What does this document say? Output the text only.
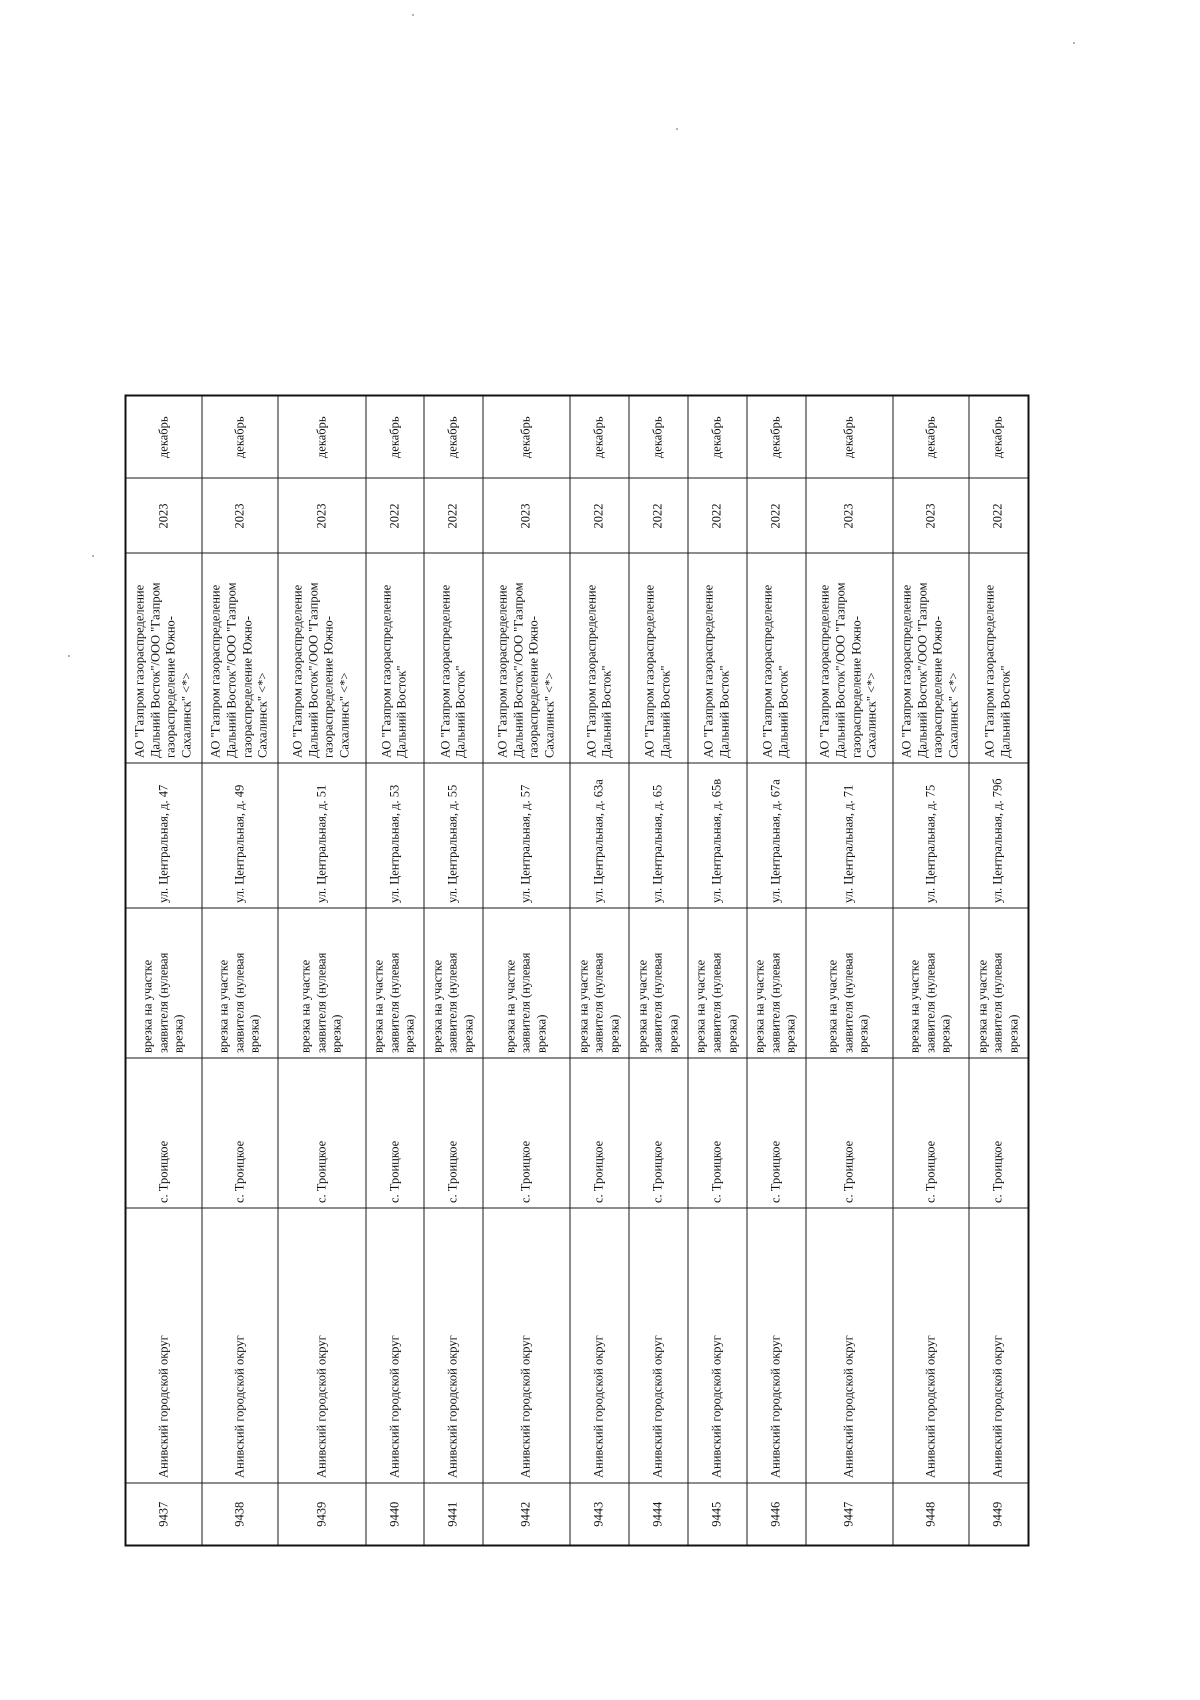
9437	Анивский городской округ	с. Троицкое	врезка на участке заявителя (нулевая врезка)	ул. Центральная, д. 47	АО "Газпром газораспределение Дальний Восток"/ООО "Газпром газораспределение Южно-Сахалинск" <*>	2023	декабрь
9438	Анивский городской округ	с. Троицкое	врезка на участке заявителя (нулевая врезка)	ул. Центральная, д. 49	АО "Газпром газораспределение Дальний Восток"/ООО "Газпром газораспределение Южно-Сахалинск" <*>	2023	декабрь
9439	Анивский городской округ	с. Троицкое	врезка на участке заявителя (нулевая врезка)	ул. Центральная, д. 51	АО "Газпром газораспределение Дальний Восток"/ООО "Газпром газораспределение Южно-Сахалинск" <*>	2023	декабрь
9440	Анивский городской округ	с. Троицкое	врезка на участке заявителя (нулевая врезка)	ул. Центральная, д. 53	АО "Газпром газораспределение Дальний Восток"	2022	декабрь
9441	Анивский городской округ	с. Троицкое	врезка на участке заявителя (нулевая врезка)	ул. Центральная, д. 55	АО "Газпром газораспределение Дальний Восток"	2022	декабрь
9442	Анивский городской округ	с. Троицкое	врезка на участке заявителя (нулевая врезка)	ул. Центральная, д. 57	АО "Газпром газораспределение Дальний Восток"/ООО "Газпром газораспределение Южно-Сахалинск" <*>	2023	декабрь
9443	Анивский городской округ	с. Троицкое	врезка на участке заявителя (нулевая врезка)	ул. Центральная, д. 63а	АО "Газпром газораспределение Дальний Восток"	2022	декабрь
9444	Анивский городской округ	с. Троицкое	врезка на участке заявителя (нулевая врезка)	ул. Центральная, д. 65	АО "Газпром газораспределение Дальний Восток"	2022	декабрь
9445	Анивский городской округ	с. Троицкое	врезка на участке заявителя (нулевая врезка)	ул. Центральная, д. 65в	АО "Газпром газораспределение Дальний Восток"	2022	декабрь
9446	Анивский городской округ	с. Троицкое	врезка на участке заявителя (нулевая врезка)	ул. Центральная, д. 67а	АО "Газпром газораспределение Дальний Восток"	2022	декабрь
9447	Анивский городской округ	с. Троицкое	врезка на участке заявителя (нулевая врезка)	ул. Центральная, д. 71	АО "Газпром газораспределение Дальний Восток"/ООО "Газпром газораспределение Южно-Сахалинск" <*>	2023	декабрь
9448	Анивский городской округ	с. Троицкое	врезка на участке заявителя (нулевая врезка)	ул. Центральная, д. 75	АО "Газпром газораспределение Дальний Восток"/ООО "Газпром газораспределение Южно-Сахалинск" <*>	2023	декабрь
9449	Анивский городской округ	с. Троицкое	врезка на участке заявителя (нулевая врезка)	ул. Центральная, д. 79б	АО "Газпром газораспределение Дальний Восток"	2022	декабрь
